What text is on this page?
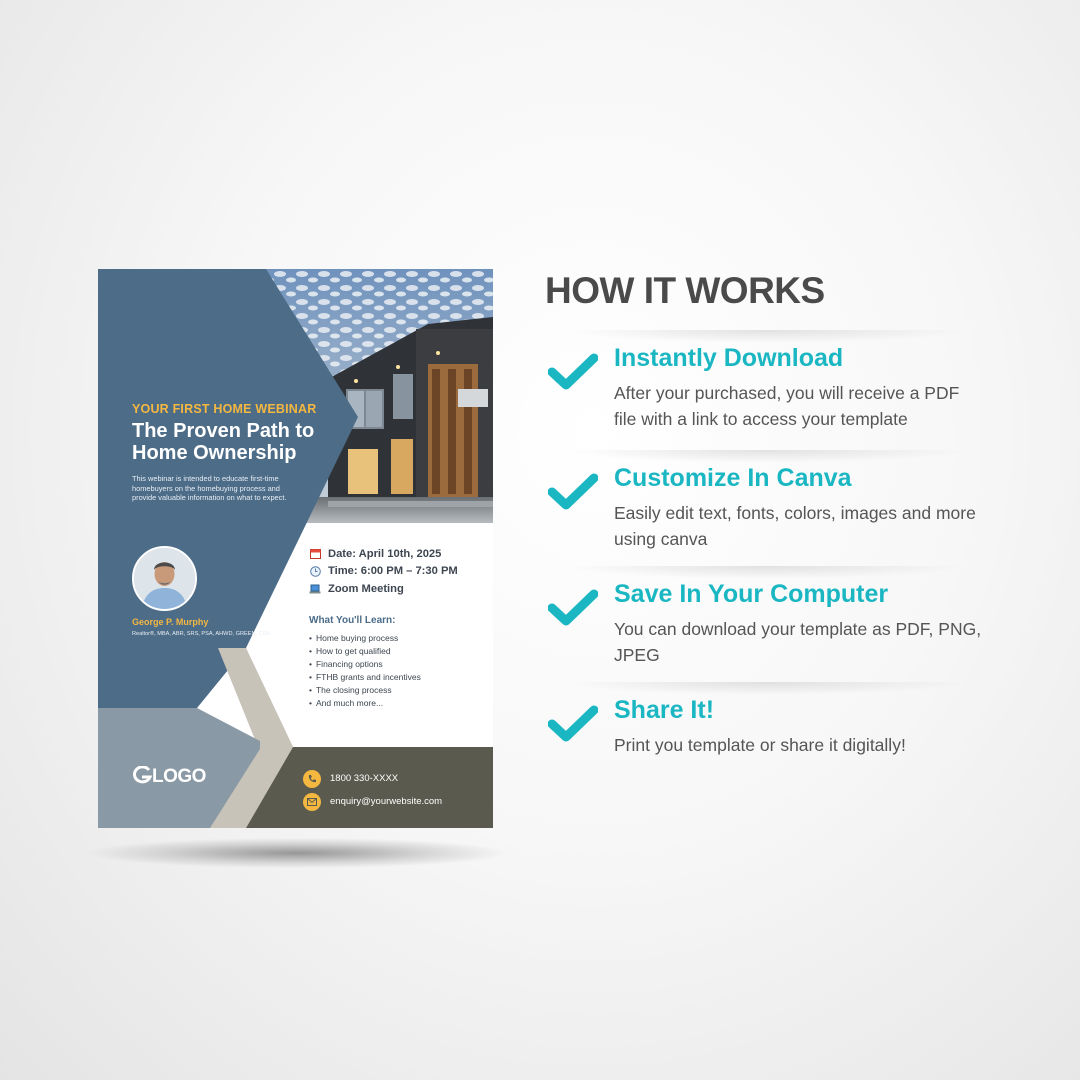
YOUR FIRST HOME WEBINAR
The Proven Path to Home Ownership
This webinar is intended to educate first-time homebuyers on the homebuying process and provide valuable information on what to expect.
George P. Murphy
Realtor®, MBA, ABR, SRS, PSA, AHWD, GREEN, CSA
LOGO
Date: April 10th, 2025
Time: 6:00 PM – 7:30 PM
Zoom Meeting
What You'll Learn:
• Home buying process
• How to get qualified
• Financing options
• FTHB grants and incentives
• The closing process
• And much more...
1800 330-XXXX
enquiry@yourwebsite.com
HOW IT WORKS
Instantly Download
After your purchased, you will receive a PDF file with a link to access your template
Customize In Canva
Easily edit text, fonts, colors, images and more using canva
Save In Your Computer
You can download your template as PDF, PNG, JPEG
Share It!
Print you template or share it digitally!
